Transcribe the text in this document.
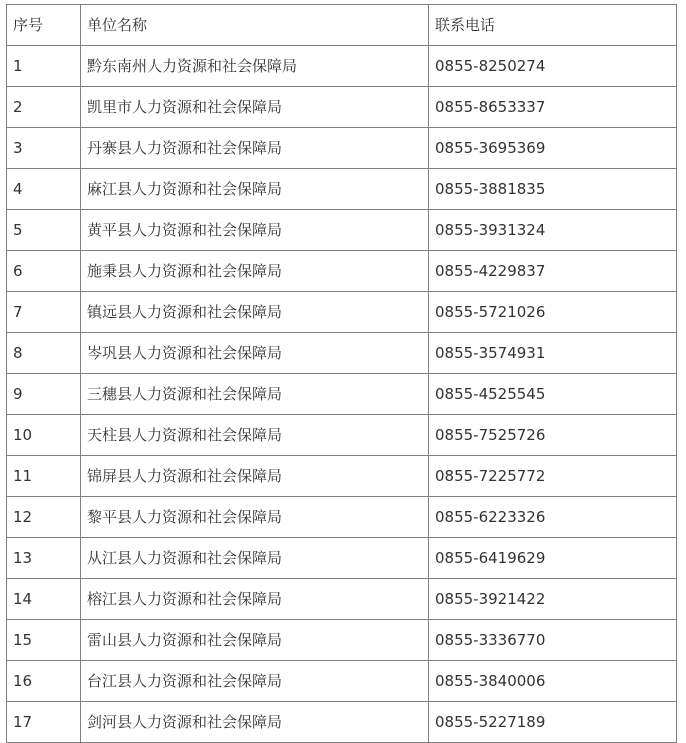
序号	单位名称	联系电话
1	黔东南州人力资源和社会保障局	0855-8250274
2	凯里市人力资源和社会保障局	0855-8653337
3	丹寨县人力资源和社会保障局	0855-3695369
4	麻江县人力资源和社会保障局	0855-3881835
5	黄平县人力资源和社会保障局	0855-3931324
6	施秉县人力资源和社会保障局	0855-4229837
7	镇远县人力资源和社会保障局	0855-5721026
8	岑巩县人力资源和社会保障局	0855-3574931
9	三穗县人力资源和社会保障局	0855-4525545
10	天柱县人力资源和社会保障局	0855-7525726
11	锦屏县人力资源和社会保障局	0855-7225772
12	黎平县人力资源和社会保障局	0855-6223326
13	从江县人力资源和社会保障局	0855-6419629
14	榕江县人力资源和社会保障局	0855-3921422
15	雷山县人力资源和社会保障局	0855-3336770
16	台江县人力资源和社会保障局	0855-3840006
17	剑河县人力资源和社会保障局	0855-5227189
